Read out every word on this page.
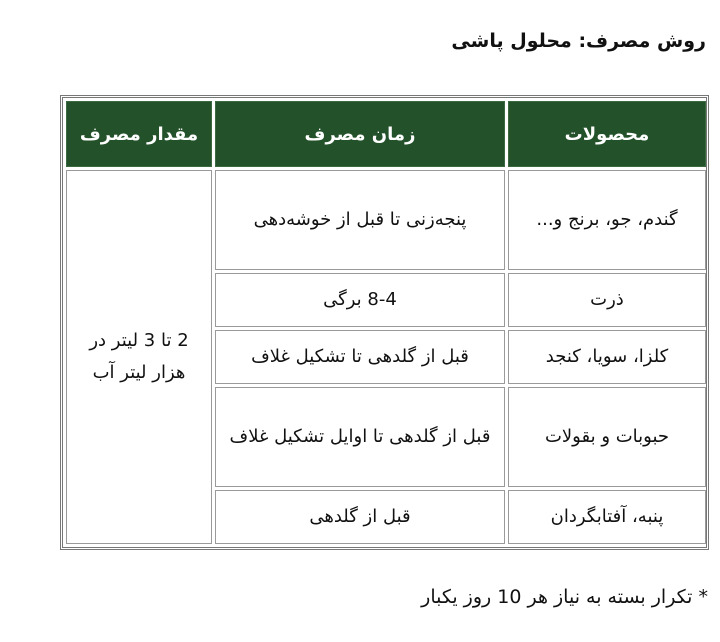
روش مصرف: محلول پاشی
محصولات	زمان مصرف	مقدار مصرف
گندم، جو، برنج و...	پنجه‌زنی تا قبل از خوشه‌دهی	2 تا 3 لیتر در هزار لیتر آب
ذرت	8-4 برگی	
کلزا، سویا، کنجد	قبل از گلدهی تا تشکیل غلاف	
حبوبات و بقولات	قبل از گلدهی تا اوایل تشکیل غلاف	
پنبه، آفتابگردان	قبل از گلدهی	
* تکرار بسته به نیاز هر 10 روز یکبار
